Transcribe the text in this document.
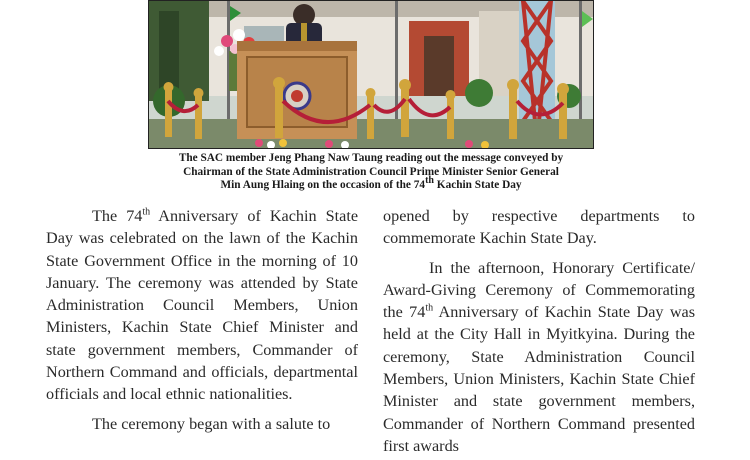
The SAC member Jeng Phang Naw Taung reading out the message conveyed by
Chairman of the State Administration Council Prime Minister Senior General
Min Aung Hlaing on the occasion of the 74th Kachin State Day

The 74th Anniversary of Kachin State Day was celebrated on the lawn of the Kachin State Government Office in the morning of 10 January. The ceremony was attended by State Administration Council Members, Union Ministers, Kachin State Chief Minister and state government members, Commander of Northern Command and officials, departmental officials and local ethnic nationalities.

The ceremony began with a salute to

opened by respective departments to commemorate Kachin State Day.

In the afternoon, Honorary Certificate/ Award-Giving Ceremony of Commemorating the 74th Anniversary of Kachin State Day was held at the City Hall in Myitkyina. During the ceremony, State Administration Council Members, Union Ministers, Kachin State Chief Minister and state government members, Commander of Northern Command presented first awards
